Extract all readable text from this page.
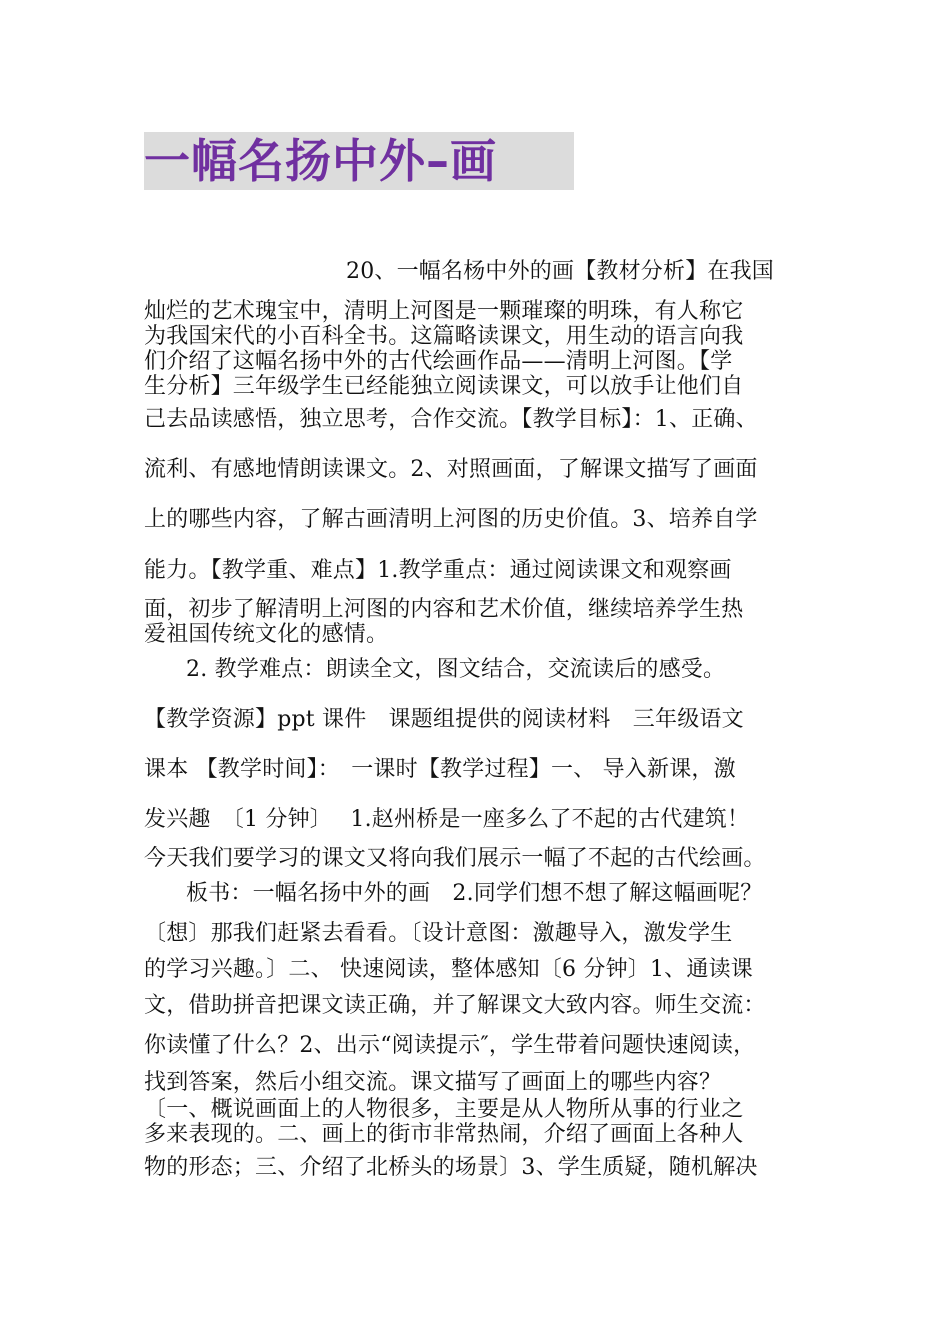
一幅名扬中外–画
20、一幅名杨中外的画【教材分析】在我国
灿烂的艺术瑰宝中，清明上河图是一颗璀璨的明珠，有人称它
为我国宋代的小百科全书。这篇略读课文，用生动的语言向我
们介绍了这幅名扬中外的古代绘画作品——清明上河图。【学
生分析】三年级学生已经能独立阅读课文，可以放手让他们自
己去品读感悟，独立思考，合作交流。【教学目标】：1、正确、
流利、有感地情朗读课文。2、对照画面，了解课文描写了画面
上的哪些内容，了解古画清明上河图的历史价值。3、培养自学
能力。【教学重、难点】1.教学重点：通过阅读课文和观察画
面，初步了解清明上河图的内容和艺术价值，继续培养学生热
爱祖国传统文化的感情。
2. 教学难点：朗读全文，图文结合，交流读后的感受。
【教学资源】ppt 课件　课题组提供的阅读材料　三年级语文
课本 【教学时间】：　一课时【教学过程】一、 导入新课，激
发兴趣　〔1 分钟〕　 1.赵州桥是一座多么了不起的古代建筑！
今天我们要学习的课文又将向我们展示一幅了不起的古代绘画。
板书：一幅名扬中外的画　2.同学们想不想了解这幅画呢？
〔想〕那我们赶紧去看看。〔设计意图：激趣导入，激发学生
的学习兴趣。〕二、 快速阅读，整体感知〔6 分钟〕1、通读课
文，借助拼音把课文读正确，并了解课文大致内容。师生交流：
你读懂了什么？2、出示“阅读提示″，学生带着问题快速阅读，
找到答案，然后小组交流。课文描写了画面上的哪些内容？
〔一、概说画面上的人物很多，主要是从人物所从事的行业之
多来表现的。二、画上的街市非常热闹，介绍了画面上各种人
物的形态；三、介绍了北桥头的场景〕3、学生质疑，随机解决
